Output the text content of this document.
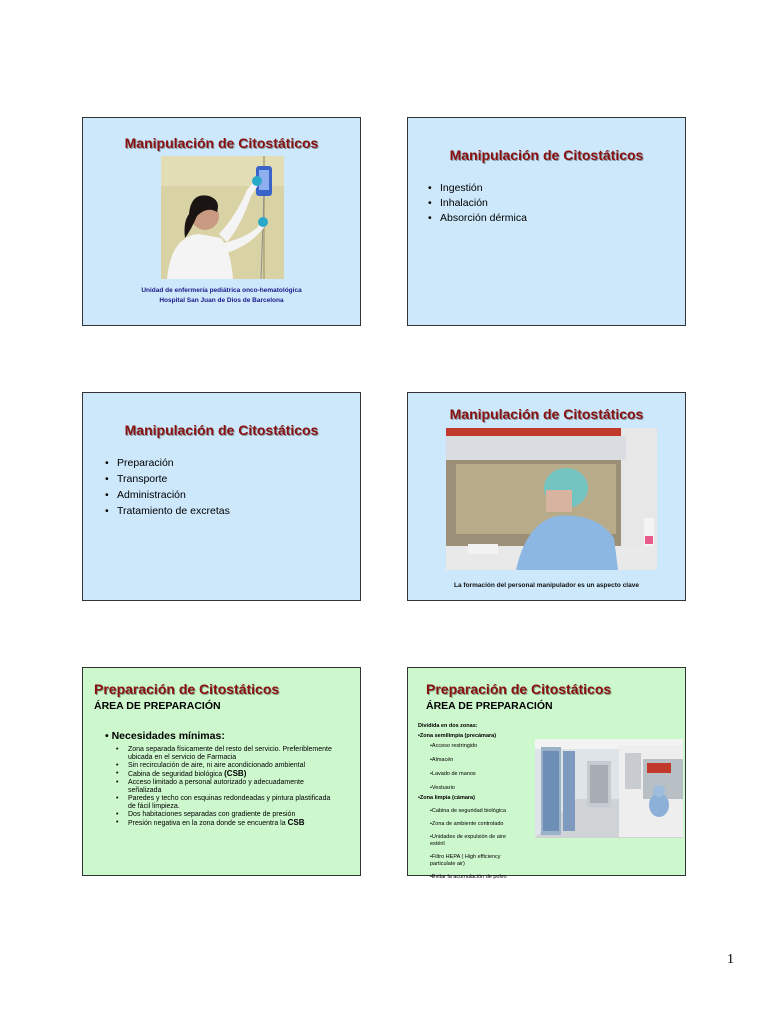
Manipulación de Citostáticos
Unidad de enfermería pediátrica onco-hematológica
Hospital San Juan de Dios de Barcelona
Manipulación de Citostáticos
• Ingestión
• Inhalación
• Absorción dérmica
Manipulación de Citostáticos
• Preparación
• Transporte
• Administración
• Tratamiento de excretas
Manipulación de Citostáticos
La formación del personal manipulador es un aspecto clave
Preparación de Citostáticos
ÁREA DE PREPARACIÓN
• Necesidades mínimas:
• Zona separada físicamente del resto del servicio. Preferiblemente ubicada en el servicio de Farmacia
• Sin recirculación de aire, ni aire acondicionado ambiental
• Cabina de seguridad biológica (CSB)
• Acceso limitado a personal autorizado y adecuadamente señalizada
• Paredes y techo con esquinas redondeadas y pintura plastificada de fácil limpieza.
• Dos habitaciones separadas con gradiente de presión
• Presión negativa en la zona donde se encuentra la CSB
Preparación de Citostáticos
ÁREA DE PREPARACIÓN
Dividida en dos zonas:
•Zona semilimpia (precámara)
•Acceso restringido
•Almacén
•Lavado de manos
•Vestuario
•Zona limpia (cámara)
•Cabina de seguridad biológica
•Zona de ambiente controlado
•Unidades de expulsión de aire estéril
•Filtro HEPA ( High efficiency particulate air)
•Evitar la acumulación de polvo
1
